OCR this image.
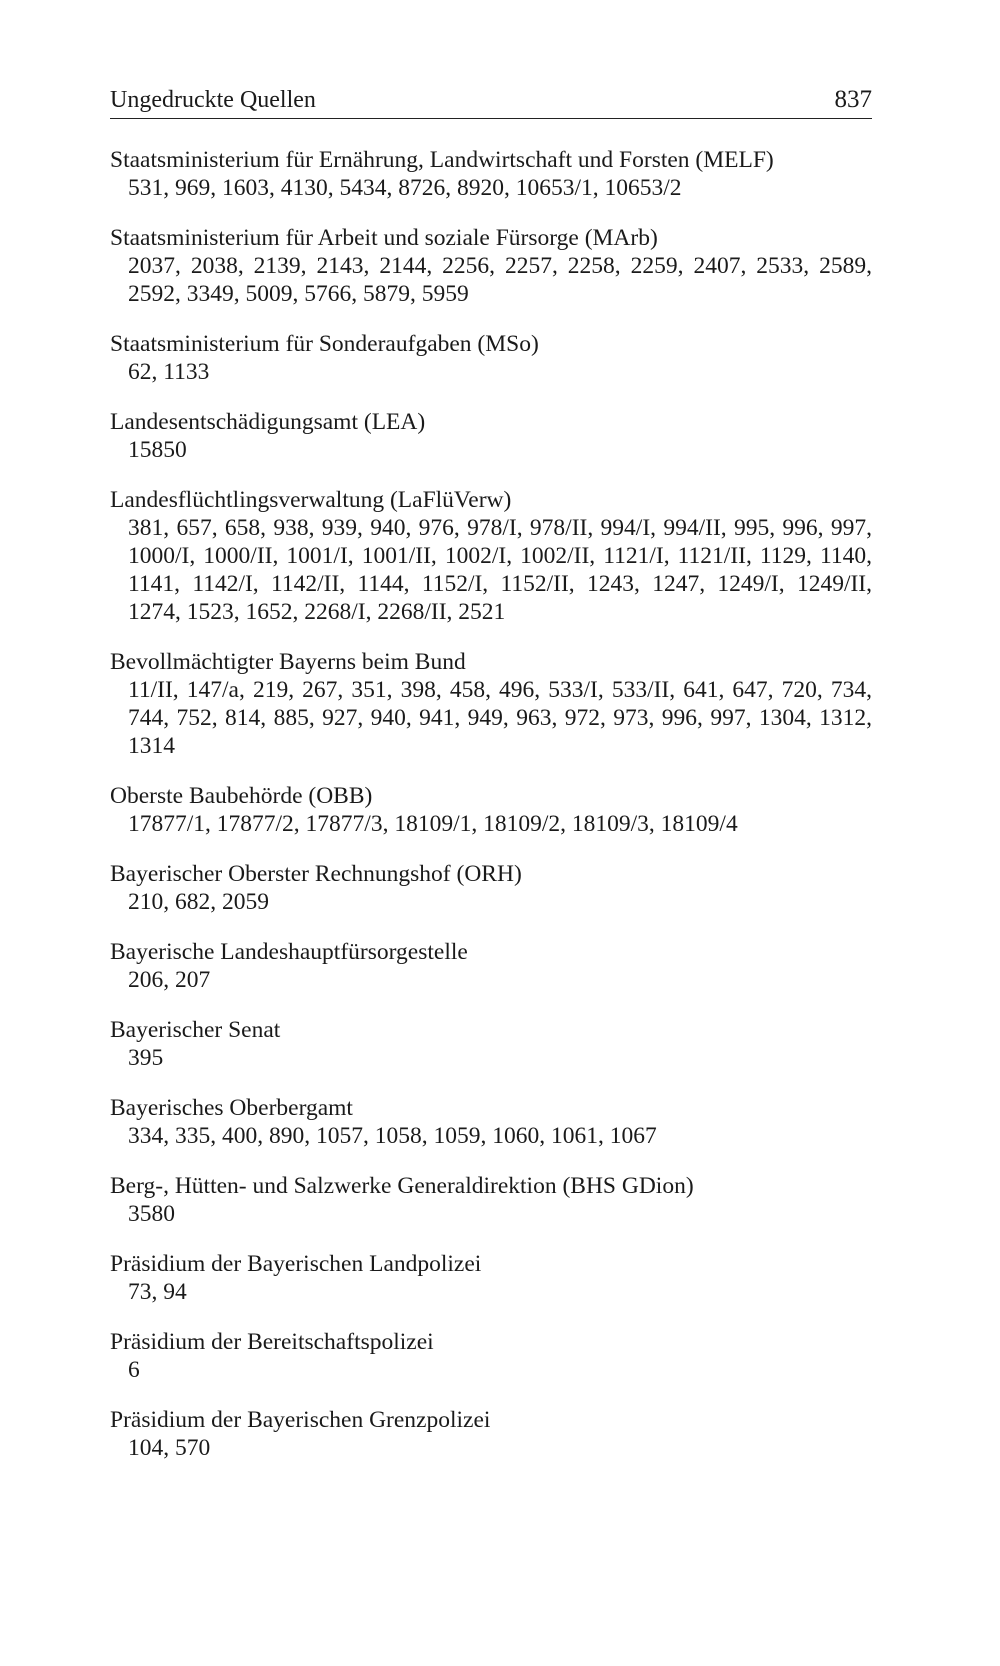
Ungedruckte Quellen	837
Staatsministerium für Ernährung, Landwirtschaft und Forsten (MELF)
531, 969, 1603, 4130, 5434, 8726, 8920, 10653/1, 10653/2
Staatsministerium für Arbeit und soziale Fürsorge (MArb)
2037, 2038, 2139, 2143, 2144, 2256, 2257, 2258, 2259, 2407, 2533, 2589, 2592, 3349, 5009, 5766, 5879, 5959
Staatsministerium für Sonderaufgaben (MSo)
62, 1133
Landesentschädigungsamt (LEA)
15850
Landesflüchtlingsverwaltung (LaFlüVerw)
381, 657, 658, 938, 939, 940, 976, 978/I, 978/II, 994/I, 994/II, 995, 996, 997, 1000/I, 1000/II, 1001/I, 1001/II, 1002/I, 1002/II, 1121/I, 1121/II, 1129, 1140, 1141, 1142/I, 1142/II, 1144, 1152/I, 1152/II, 1243, 1247, 1249/I, 1249/II, 1274, 1523, 1652, 2268/I, 2268/II, 2521
Bevollmächtigter Bayerns beim Bund
11/II, 147/a, 219, 267, 351, 398, 458, 496, 533/I, 533/II, 641, 647, 720, 734, 744, 752, 814, 885, 927, 940, 941, 949, 963, 972, 973, 996, 997, 1304, 1312, 1314
Oberste Baubehörde (OBB)
17877/1, 17877/2, 17877/3, 18109/1, 18109/2, 18109/3, 18109/4
Bayerischer Oberster Rechnungshof (ORH)
210, 682, 2059
Bayerische Landeshauptfürsorgestelle
206, 207
Bayerischer Senat
395
Bayerisches Oberbergamt
334, 335, 400, 890, 1057, 1058, 1059, 1060, 1061, 1067
Berg-, Hütten- und Salzwerke Generaldirektion (BHS GDion)
3580
Präsidium der Bayerischen Landpolizei
73, 94
Präsidium der Bereitschaftspolizei
6
Präsidium der Bayerischen Grenzpolizei
104, 570
